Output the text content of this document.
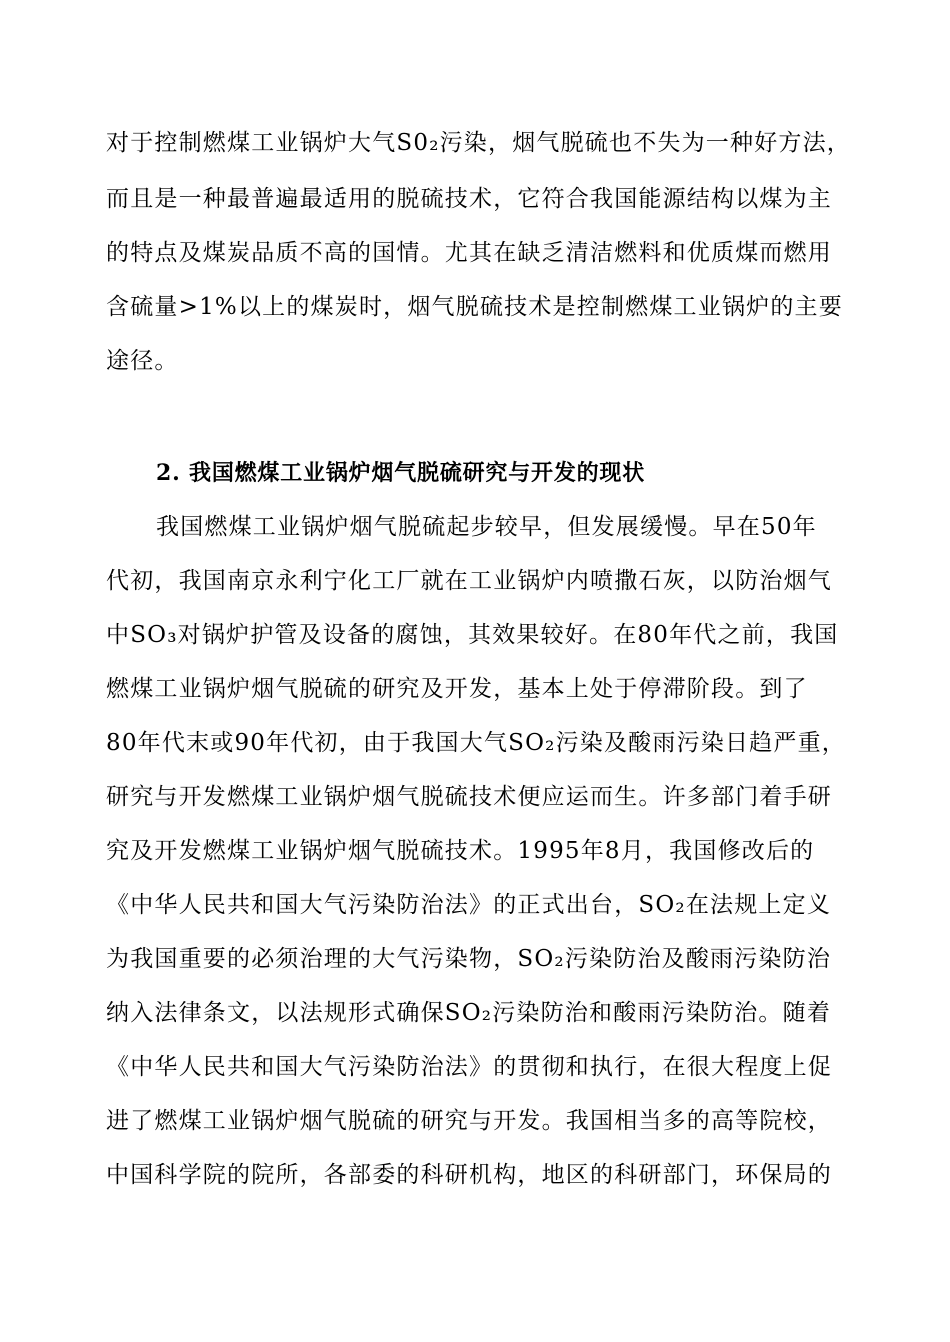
对于控制燃煤工业锅炉大气S0₂污染，烟气脱硫也不失为一种好方法，
而且是一种最普遍最适用的脱硫技术，它符合我国能源结构以煤为主
的特点及煤炭品质不高的国情。尤其在缺乏清洁燃料和优质煤而燃用
含硫量>1%以上的煤炭时，烟气脱硫技术是控制燃煤工业锅炉的主要
途径。
2. 我国燃煤工业锅炉烟气脱硫研究与开发的现状
我国燃煤工业锅炉烟气脱硫起步较早，但发展缓慢。早在50年
代初，我国南京永利宁化工厂就在工业锅炉内喷撒石灰，以防治烟气
中SO₃对锅炉护管及设备的腐蚀，其效果较好。在80年代之前，我国
燃煤工业锅炉烟气脱硫的研究及开发，基本上处于停滞阶段。到了
80年代末或90年代初，由于我国大气SO₂污染及酸雨污染日趋严重，
研究与开发燃煤工业锅炉烟气脱硫技术便应运而生。许多部门着手研
究及开发燃煤工业锅炉烟气脱硫技术。1995年8月，我国修改后的
《中华人民共和国大气污染防治法》的正式出台，SO₂在法规上定义
为我国重要的必须治理的大气污染物，SO₂污染防治及酸雨污染防治
纳入法律条文，以法规形式确保SO₂污染防治和酸雨污染防治。随着
《中华人民共和国大气污染防治法》的贯彻和执行，在很大程度上促
进了燃煤工业锅炉烟气脱硫的研究与开发。我国相当多的高等院校，
中国科学院的院所，各部委的科研机构，地区的科研部门，环保局的
